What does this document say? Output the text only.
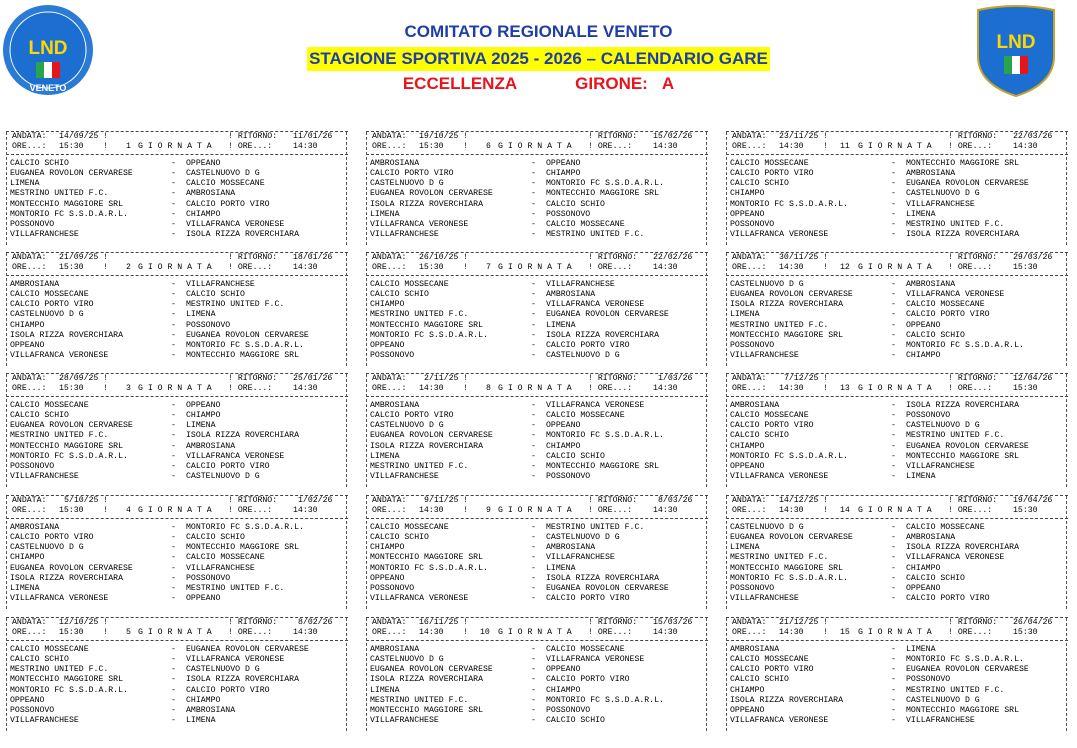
LND
VENETO
COMITATO REGIONALE VENETO
STAGIONE SPORTIVA 2025 - 2026 – CALENDARIO GARE
ECCELLENZA	GIRONE: A
LND
ANDATA: 14/09/25 !	! RITORNO: 11/01/26
ORE...: 15:30 ! 1 G I O R N A T A ! ORE...:	14:30
CALCIO SCHIO	- OPPEANO
EUGANEA ROVOLON CERVARESE	- CASTELNUOVO D G
LIMENA	- CALCIO MOSSECANE
MESTRINO UNITED F.C.	- AMBROSIANA
MONTECCHIO MAGGIORE SRL	- CALCIO PORTO VIRO
MONTORIO FC S.S.D.A.R.L.	- CHIAMPO
POSSONOVO	- VILLAFRANCA VERONESE
VILLAFRANCHESE	- ISOLA RIZZA ROVERCHIARA
ANDATA: 21/09/25 !	! RITORNO: 18/01/26
ORE...: 15:30 ! 2 G I O R N A T A ! ORE...:	14:30
AMBROSIANA	- VILLAFRANCHESE
CALCIO MOSSECANE	- CALCIO SCHIO
CALCIO PORTO VIRO	- MESTRINO UNITED F.C.
CASTELNUOVO D G	- LIMENA
CHIAMPO	- POSSONOVO
ISOLA RIZZA ROVERCHIARA	- EUGANEA ROVOLON CERVARESE
OPPEANO	- MONTORIO FC S.S.D.A.R.L.
VILLAFRANCA VERONESE	- MONTECCHIO MAGGIORE SRL
ANDATA: 28/09/25 !	! RITORNO: 25/01/26
ORE...: 15:30 ! 3 G I O R N A T A ! ORE...:	14:30
CALCIO MOSSECANE	- OPPEANO
CALCIO SCHIO	- CHIAMPO
EUGANEA ROVOLON CERVARESE	- LIMENA
MESTRINO UNITED F.C.	- ISOLA RIZZA ROVERCHIARA
MONTECCHIO MAGGIORE SRL	- AMBROSIANA
MONTORIO FC S.S.D.A.R.L.	- VILLAFRANCA VERONESE
POSSONOVO	- CALCIO PORTO VIRO
VILLAFRANCHESE	- CASTELNUOVO D G
ANDATA: 5/10/25 !	! RITORNO:	1/02/26
ORE...: 15:30 ! 4 G I O R N A T A ! ORE...:	14:30
AMBROSIANA	- MONTORIO FC S.S.D.A.R.L.
CALCIO PORTO VIRO	- CALCIO SCHIO
CASTELNUOVO D G	- MONTECCHIO MAGGIORE SRL
CHIAMPO	- CALCIO MOSSECANE
EUGANEA ROVOLON CERVARESE	- VILLAFRANCHESE
ISOLA RIZZA ROVERCHIARA	- POSSONOVO
LIMENA	- MESTRINO UNITED F.C.
VILLAFRANCA VERONESE	- OPPEANO
ANDATA: 12/10/25 !	! RITORNO:	8/02/26
ORE...: 15:30 ! 5 G I O R N A T A ! ORE...:	14:30
CALCIO MOSSECANE	- EUGANEA ROVOLON CERVARESE
CALCIO SCHIO	- VILLAFRANCA VERONESE
MESTRINO UNITED F.C.	- CASTELNUOVO D G
MONTECCHIO MAGGIORE SRL	- ISOLA RIZZA ROVERCHIARA
MONTORIO FC S.S.D.A.R.L.	- CALCIO PORTO VIRO
OPPEANO	- CHIAMPO
POSSONOVO	- AMBROSIANA
VILLAFRANCHESE	- LIMENA
ANDATA: 19/10/25 !	! RITORNO: 15/02/26
ORE...: 15:30 ! 6 G I O R N A T A ! ORE...:	14:30
AMBROSIANA	- OPPEANO
CALCIO PORTO VIRO	- CHIAMPO
CASTELNUOVO D G	- MONTORIO FC S.S.D.A.R.L.
EUGANEA ROVOLON CERVARESE	- MONTECCHIO MAGGIORE SRL
ISOLA RIZZA ROVERCHIARA	- CALCIO SCHIO
LIMENA	- POSSONOVO
VILLAFRANCA VERONESE	- CALCIO MOSSECANE
VILLAFRANCHESE	- MESTRINO UNITED F.C.
ANDATA: 26/10/25 !	! RITORNO: 22/02/26
ORE...: 15:30 ! 7 G I O R N A T A ! ORE...:	14:30
CALCIO MOSSECANE	- VILLAFRANCHESE
CALCIO SCHIO	- AMBROSIANA
CHIAMPO	- VILLAFRANCA VERONESE
MESTRINO UNITED F.C.	- EUGANEA ROVOLON CERVARESE
MONTECCHIO MAGGIORE SRL	- LIMENA
MONTORIO FC S.S.D.A.R.L.	- ISOLA RIZZA ROVERCHIARA
OPPEANO	- CALCIO PORTO VIRO
POSSONOVO	- CASTELNUOVO D G
ANDATA: 2/11/25 !	! RITORNO:	1/03/26
ORE...: 14:30 ! 8 G I O R N A T A ! ORE...:	14:30
AMBROSIANA	- VILLAFRANCA VERONESE
CALCIO PORTO VIRO	- CALCIO MOSSECANE
CASTELNUOVO D G	- OPPEANO
EUGANEA ROVOLON CERVARESE	- MONTORIO FC S.S.D.A.R.L.
ISOLA RIZZA ROVERCHIARA	- CHIAMPO
LIMENA	- CALCIO SCHIO
MESTRINO UNITED F.C.	- MONTECCHIO MAGGIORE SRL
VILLAFRANCHESE	- POSSONOVO
ANDATA: 9/11/25 !	! RITORNO:	8/03/26
ORE...: 14:30 ! 9 G I O R N A T A ! ORE...:	14:30
CALCIO MOSSECANE	- MESTRINO UNITED F.C.
CALCIO SCHIO	- CASTELNUOVO D G
CHIAMPO	- AMBROSIANA
MONTECCHIO MAGGIORE SRL	- VILLAFRANCHESE
MONTORIO FC S.S.D.A.R.L.	- LIMENA
OPPEANO	- ISOLA RIZZA ROVERCHIARA
POSSONOVO	- EUGANEA ROVOLON CERVARESE
VILLAFRANCA VERONESE	- CALCIO PORTO VIRO
ANDATA: 16/11/25 !	! RITORNO: 15/03/26
ORE...: 14:30 ! 10 G I O R N A T A ! ORE...:	14:30
AMBROSIANA	- CALCIO MOSSECANE
CASTELNUOVO D G	- VILLAFRANCA VERONESE
EUGANEA ROVOLON CERVARESE	- OPPEANO
ISOLA RIZZA ROVERCHIARA	- CALCIO PORTO VIRO
LIMENA	- CHIAMPO
MESTRINO UNITED F.C.	- MONTORIO FC S.S.D.A.R.L.
MONTECCHIO MAGGIORE SRL	- POSSONOVO
VILLAFRANCHESE	- CALCIO SCHIO
ANDATA: 23/11/25 !	! RITORNO: 22/03/26
ORE...: 14:30 ! 11 G I O R N A T A ! ORE...:	14:30
CALCIO MOSSECANE	- MONTECCHIO MAGGIORE SRL
CALCIO PORTO VIRO	- AMBROSIANA
CALCIO SCHIO	- EUGANEA ROVOLON CERVARESE
CHIAMPO	- CASTELNUOVO D G
MONTORIO FC S.S.D.A.R.L.	- VILLAFRANCHESE
OPPEANO	- LIMENA
POSSONOVO	- MESTRINO UNITED F.C.
VILLAFRANCA VERONESE	- ISOLA RIZZA ROVERCHIARA
ANDATA: 30/11/25 !	! RITORNO: 29/03/26
ORE...: 14:30 ! 12 G I O R N A T A ! ORE...:	15:30
CASTELNUOVO D G	- AMBROSIANA
EUGANEA ROVOLON CERVARESE	- VILLAFRANCA VERONESE
ISOLA RIZZA ROVERCHIARA	- CALCIO MOSSECANE
LIMENA	- CALCIO PORTO VIRO
MESTRINO UNITED F.C.	- OPPEANO
MONTECCHIO MAGGIORE SRL	- CALCIO SCHIO
POSSONOVO	- MONTORIO FC S.S.D.A.R.L.
VILLAFRANCHESE	- CHIAMPO
ANDATA: 7/12/25 !	! RITORNO: 12/04/26
ORE...: 14:30 ! 13 G I O R N A T A ! ORE...:	15:30
AMBROSIANA	- ISOLA RIZZA ROVERCHIARA
CALCIO MOSSECANE	- POSSONOVO
CALCIO PORTO VIRO	- CASTELNUOVO D G
CALCIO SCHIO	- MESTRINO UNITED F.C.
CHIAMPO	- EUGANEA ROVOLON CERVARESE
MONTORIO FC S.S.D.A.R.L.	- MONTECCHIO MAGGIORE SRL
OPPEANO	- VILLAFRANCHESE
VILLAFRANCA VERONESE	- LIMENA
ANDATA: 14/12/25 !	! RITORNO: 19/04/26
ORE...: 14:30 ! 14 G I O R N A T A ! ORE...:	15:30
CASTELNUOVO D G	- CALCIO MOSSECANE
EUGANEA ROVOLON CERVARESE	- AMBROSIANA
LIMENA	- ISOLA RIZZA ROVERCHIARA
MESTRINO UNITED F.C.	- VILLAFRANCA VERONESE
MONTECCHIO MAGGIORE SRL	- CHIAMPO
MONTORIO FC S.S.D.A.R.L.	- CALCIO SCHIO
POSSONOVO	- OPPEANO
VILLAFRANCHESE	- CALCIO PORTO VIRO
ANDATA: 21/12/25 !	! RITORNO: 26/04/26
ORE...: 14:30 ! 15 G I O R N A T A ! ORE...:	15:30
AMBROSIANA	- LIMENA
CALCIO MOSSECANE	- MONTORIO FC S.S.D.A.R.L.
CALCIO PORTO VIRO	- EUGANEA ROVOLON CERVARESE
CALCIO SCHIO	- POSSONOVO
CHIAMPO	- MESTRINO UNITED F.C.
ISOLA RIZZA ROVERCHIARA	- CASTELNUOVO D G
OPPEANO	- MONTECCHIO MAGGIORE SRL
VILLAFRANCA VERONESE	- VILLAFRANCHESE
